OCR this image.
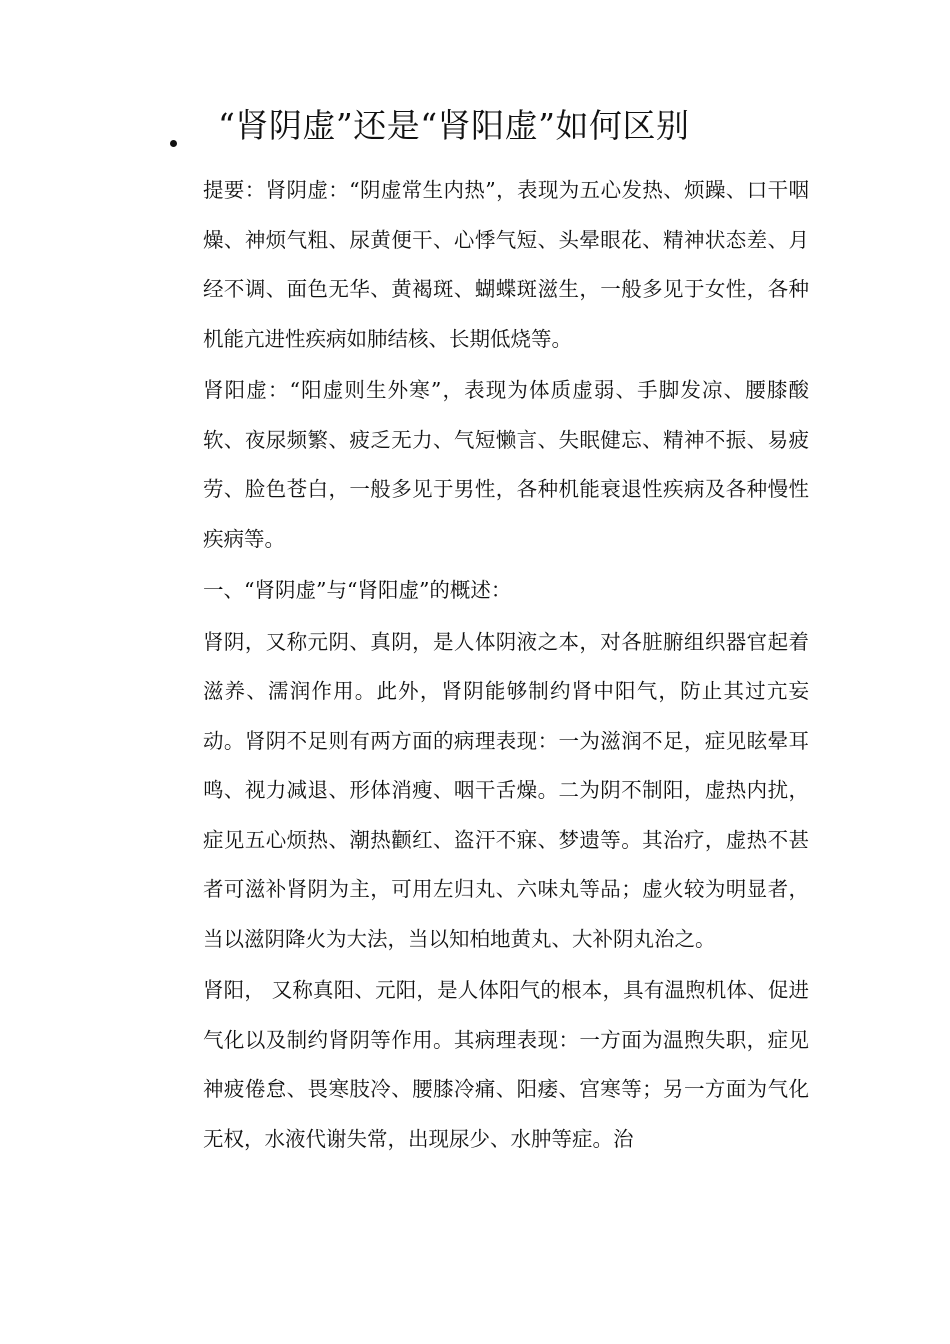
“肾阴虚”还是“肾阳虚”如何区别

提要：肾阴虚：“阴虚常生内热”，表现为五心发热、烦躁、口干咽燥、神烦气粗、尿黄便干、心悸气短、头晕眼花、精神状态差、月经不调、面色无华、黄褐斑、蝴蝶斑滋生，一般多见于女性，各种机能亢进性疾病如肺结核、长期低烧等。

肾阳虚：“阳虚则生外寒”，表现为体质虚弱、手脚发凉、腰膝酸软、夜尿频繁、疲乏无力、气短懒言、失眠健忘、精神不振、易疲劳、脸色苍白，一般多见于男性，各种机能衰退性疾病及各种慢性疾病等。

一、“肾阴虚”与“肾阳虚”的概述：

肾阴，又称元阴、真阴，是人体阴液之本，对各脏腑组织器官起着滋养、濡润作用。此外，肾阴能够制约肾中阳气，防止其过亢妄动。肾阴不足则有两方面的病理表现：一为滋润不足，症见眩晕耳鸣、视力减退、形体消瘦、咽干舌燥。二为阴不制阳，虚热内扰，症见五心烦热、潮热颧红、盗汗不寐、梦遗等。其治疗，虚热不甚者可滋补肾阴为主，可用左归丸、六味丸等品；虚火较为明显者，当以滋阴降火为大法，当以知柏地黄丸、大补阴丸治之。

肾阳， 又称真阳、元阳，是人体阳气的根本，具有温煦机体、促进气化以及制约肾阴等作用。其病理表现：一方面为温煦失职，症见神疲倦怠、畏寒肢冷、腰膝冷痛、阳痿、宫寒等；另一方面为气化无权，水液代谢失常，出现尿少、水肿等症。治
